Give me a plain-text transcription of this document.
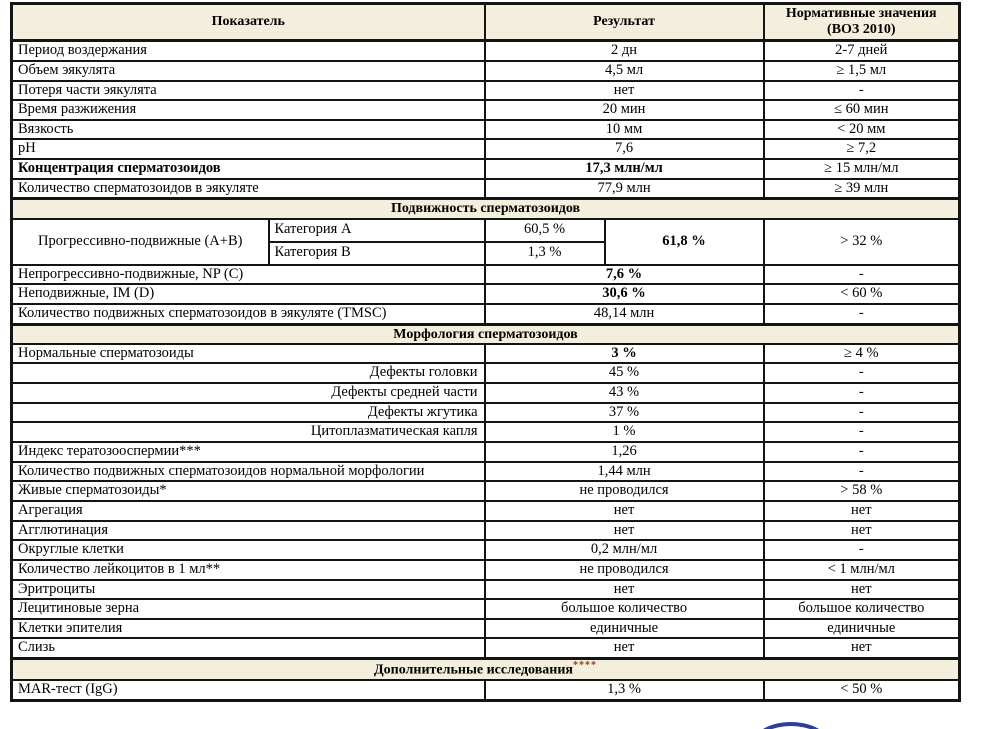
Показатель		Результат		Нормативные значения (ВОЗ 2010)
Период воздержания		2 дн		2-7 дней
Объем эякулята		4,5 мл		≥ 1,5 мл
Потеря части эякулята		нет		-
Время разжижения		20 мин		≤ 60 мин
Вязкость		10 мм		< 20 мм
pH		7,6		≥ 7,2
Концентрация сперматозоидов		17,3 млн/мл		≥ 15 млн/мл
Количество сперматозоидов в эякуляте		77,9 млн		≥ 39 млн
Подвижность сперматозоидов				
Прогрессивно-подвижные (А+В)	Категория А	60,5 %	61,8 %	> 32 %
	Категория В	1,3 %		
Непрогрессивно-подвижные, NP (C)		7,6 %		-
Неподвижные, IM (D)		30,6 %		< 60 %
Количество подвижных сперматозоидов в эякуляте (TMSC)		48,14 млн		-
Морфология сперматозоидов				
Нормальные сперматозоиды		3 %		≥ 4 %
Дефекты головки		45 %		-
Дефекты средней части		43 %		-
Дефекты жгутика		37 %		-
Цитоплазматическая капля		1 %		-
Индекс тератозооспермии***		1,26		-
Количество подвижных сперматозоидов нормальной морфологии		1,44 млн		-
Живые сперматозоиды*		не проводился		> 58 %
Агрегация		нет		нет
Агглютинация		нет		нет
Округлые клетки		0,2 млн/мл		-
Количество лейкоцитов в 1 мл**		не проводился		< 1 млн/мл
Эритроциты		нет		нет
Лецитиновые зерна		большое количество		большое количество
Клетки эпителия		единичные		единичные
Слизь		нет		нет
Дополнительные исследования****
MAR-тест (IgG)		1,3 %		< 50 %
